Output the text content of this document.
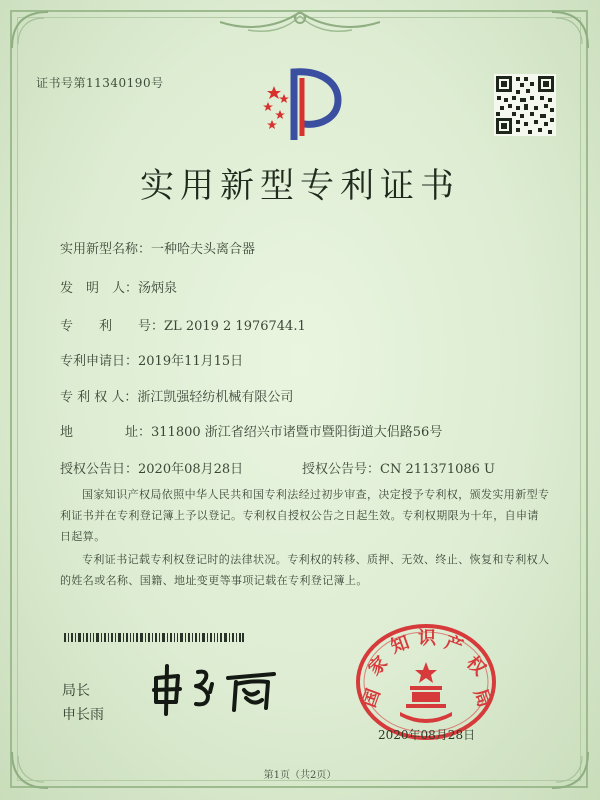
证书号第11340190号
实用新型专利证书
实用新型名称：一种哈夫头离合器
发　明　人：汤炳泉
专　　利　　号：ZL 2019 2 1976744.1
专利申请日：2019年11月15日
专 利 权 人：浙江凯强轻纺机械有限公司
地　　　　址：311800 浙江省绍兴市诸暨市暨阳街道大侣路56号
授权公告日：2020年08月28日	授权公告号：CN 211371086 U

国家知识产权局依照中华人民共和国专利法经过初步审查，决定授予专利权，颁发实用新型专利证书并在专利登记簿上予以登记。专利权自授权公告之日起生效。专利权期限为十年，自申请日起算。

专利证书记载专利权登记时的法律状况。专利权的转移、质押、无效、终止、恢复和专利权人的姓名或名称、国籍、地址变更等事项记载在专利登记簿上。

局长
申长雨
国
家
知 识 产
权
局
2020年08月28日
第1页（共2页）
